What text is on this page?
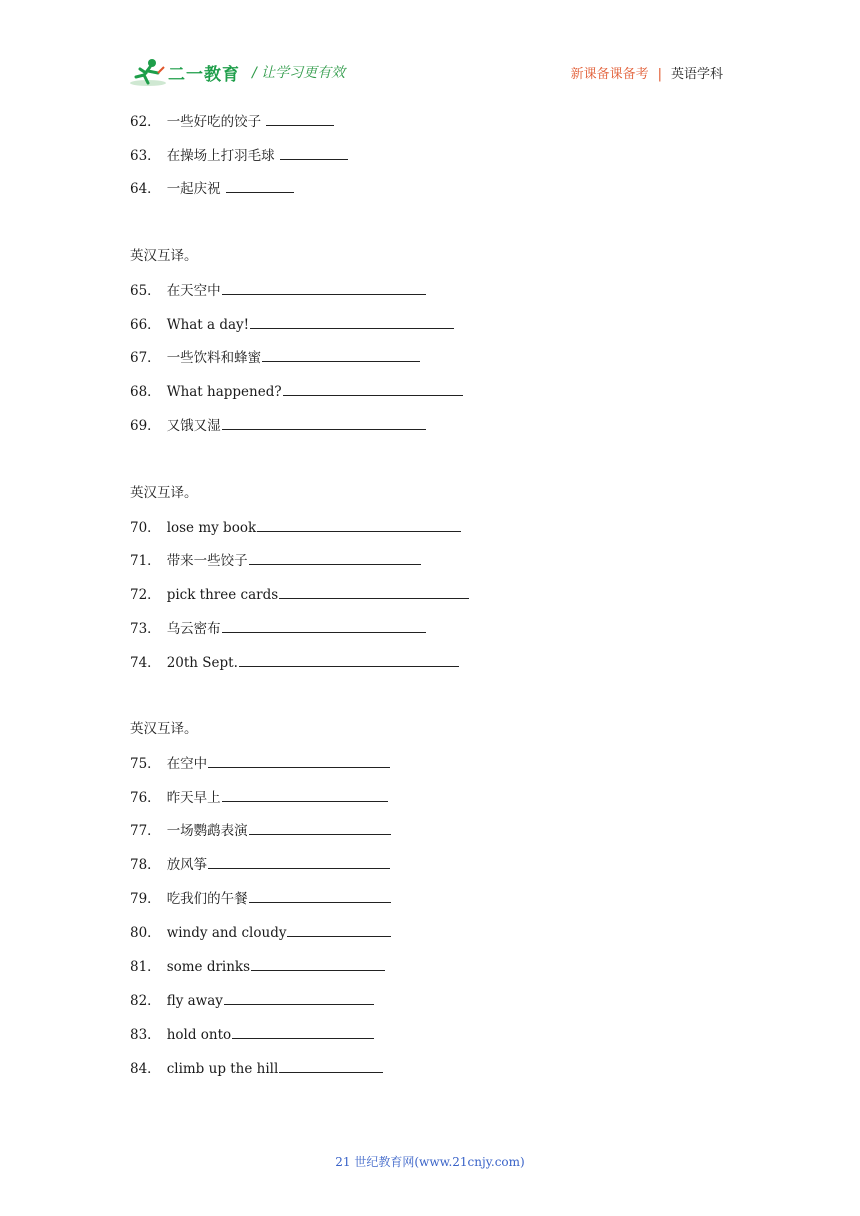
二一教育 / 让学习更有效	新课备课备考 | 英语学科
62． 一些好吃的饺子
63． 在操场上打羽毛球
64． 一起庆祝
英汉互译。
65． 在天空中
66． What a day!
67． 一些饮料和蜂蜜
68． What happened?
69． 又饿又湿
英汉互译。
70． lose my book
71． 带来一些饺子
72． pick three cards
73． 乌云密布
74． 20th Sept.
英汉互译。
75． 在空中
76． 昨天早上
77． 一场鹦鹉表演
78． 放风筝
79． 吃我们的午餐
80． windy and cloudy
81． some drinks
82． fly away
83． hold onto
84． climb up the hill
21 世纪教育网(www.21cnjy.com)
